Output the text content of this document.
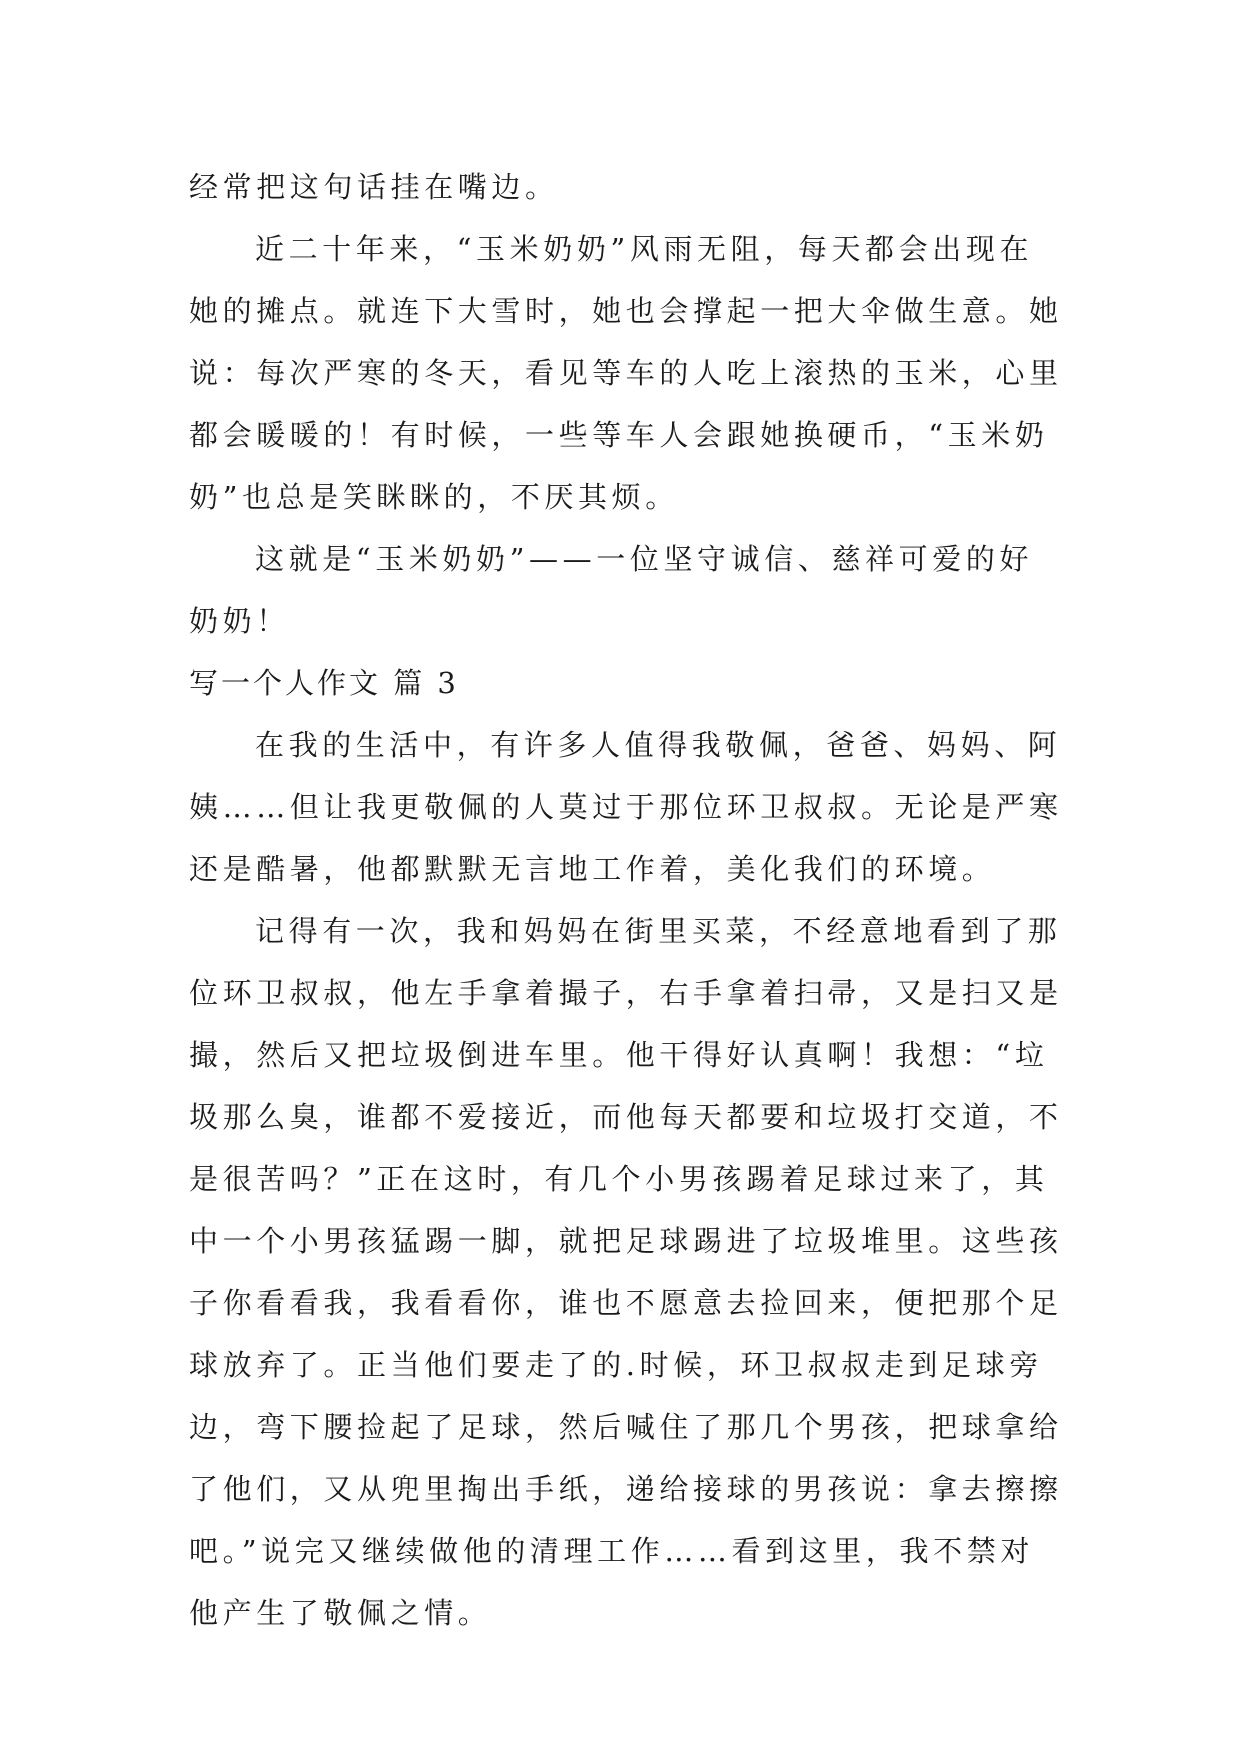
经常把这句话挂在嘴边。
近二十年来，“玉米奶奶”风雨无阻，每天都会出现在
她的摊点。就连下大雪时，她也会撑起一把大伞做生意。她
说：每次严寒的冬天，看见等车的人吃上滚热的玉米，心里
都会暖暖的！有时候，一些等车人会跟她换硬币，“玉米奶
奶”也总是笑眯眯的，不厌其烦。
这就是“玉米奶奶”——一位坚守诚信、慈祥可爱的好
奶奶！
写一个人作文 篇 3
在我的生活中，有许多人值得我敬佩，爸爸、妈妈、阿
姨……但让我更敬佩的人莫过于那位环卫叔叔。无论是严寒
还是酷暑，他都默默无言地工作着，美化我们的环境。
记得有一次，我和妈妈在街里买菜，不经意地看到了那
位环卫叔叔，他左手拿着撮子，右手拿着扫帚，又是扫又是
撮，然后又把垃圾倒进车里。他干得好认真啊！我想：“垃
圾那么臭，谁都不爱接近，而他每天都要和垃圾打交道，不
是很苦吗？”正在这时，有几个小男孩踢着足球过来了，其
中一个小男孩猛踢一脚，就把足球踢进了垃圾堆里。这些孩
子你看看我，我看看你，谁也不愿意去捡回来，便把那个足
球放弃了。正当他们要走了的.时候，环卫叔叔走到足球旁
边，弯下腰捡起了足球，然后喊住了那几个男孩，把球拿给
了他们，又从兜里掏出手纸，递给接球的男孩说：拿去擦擦
吧。”说完又继续做他的清理工作……看到这里，我不禁对
他产生了敬佩之情。
